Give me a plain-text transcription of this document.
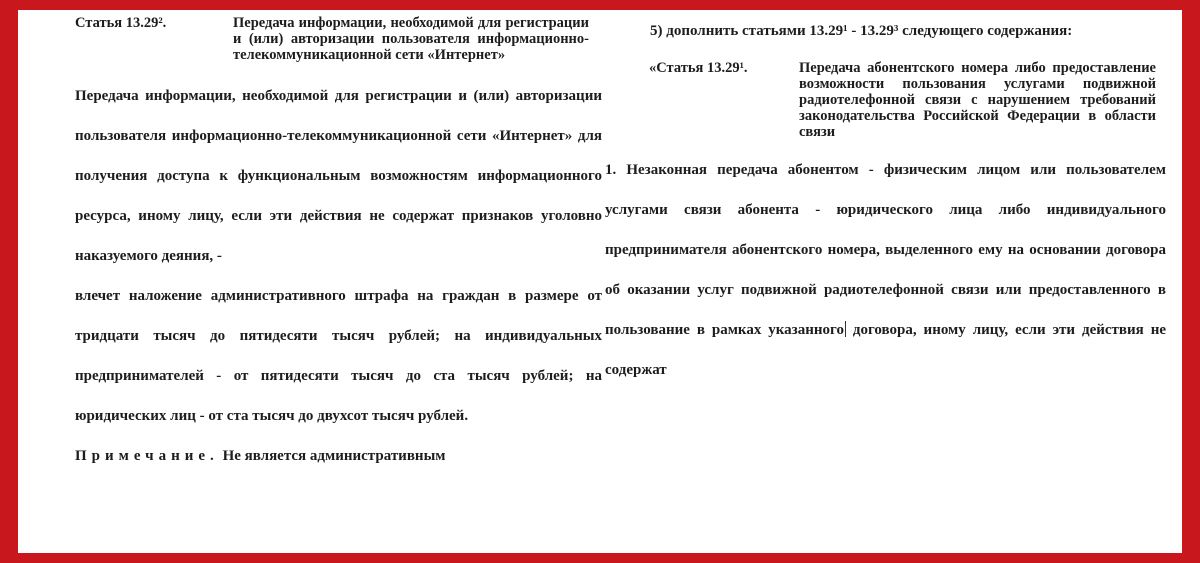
Статья 13.29².	Передача информации, необходимой для регистрации и (или) авторизации пользователя информационно-телекоммуникационной сети «Интернет»

Передача информации, необходимой для регистрации и (или) авторизации пользователя информационно-телекоммуникационной сети «Интернет» для получения доступа к функциональным возможностям информационного ресурса, иному лицу, если эти действия не содержат признаков уголовно наказуемого деяния, -

влечет наложение административного штрафа на граждан в размере от тридцати тысяч до пятидесяти тысяч рублей; на индивидуальных предпринимателей - от пятидесяти тысяч до ста тысяч рублей; на юридических лиц - от ста тысяч до двухсот тысяч рублей.

Примечание. Не является административным

5) дополнить статьями 13.29¹ - 13.29³ следующего содержания:
«Статья 13.29¹.	Передача абонентского номера либо предоставление возможности пользования услугами подвижной радиотелефонной связи с нарушением требований законодательства Российской Федерации в области связи

1. Незаконная передача абонентом - физическим лицом или пользователем услугами связи абонента - юридического лица либо индивидуального предпринимателя абонентского номера, выделенного ему на основании договора об оказании услуг подвижной радиотелефонной связи или предоставленного в пользование в рамках указанного договора, иному лицу, если эти действия не содержат
